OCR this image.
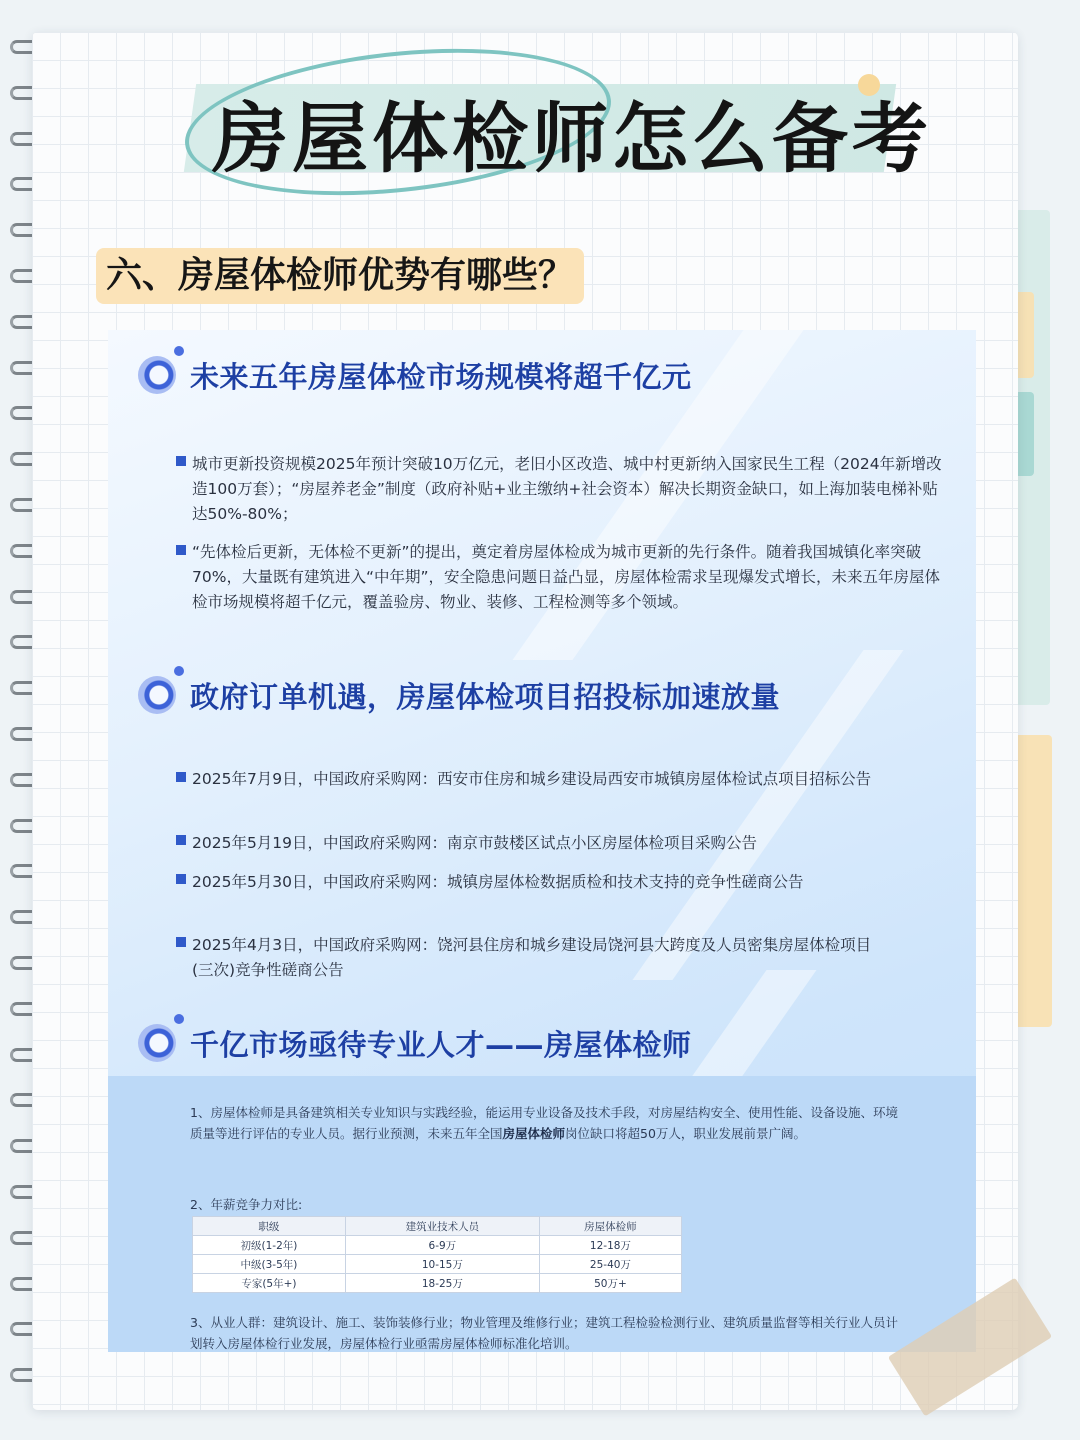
房屋体检师怎么备考
六、房屋体检师优势有哪些？
未来五年房屋体检市场规模将超千亿元

城市更新投资规模2025年预计突破10万亿元，老旧小区改造、城中村更新纳入国家民生工程（2024年新增改造100万套）；“房屋养老金”制度（政府补贴+业主缴纳+社会资本）解决长期资金缺口，如上海加装电梯补贴达50%-80%；

“先体检后更新，无体检不更新”的提出，奠定着房屋体检成为城市更新的先行条件。随着我国城镇化率突破70%，大量既有建筑进入“中年期”，安全隐患问题日益凸显，房屋体检需求呈现爆发式增长，未来五年房屋体检市场规模将超千亿元，覆盖验房、物业、装修、工程检测等多个领域。

政府订单机遇，房屋体检项目招投标加速放量

2025年7月9日，中国政府采购网：西安市住房和城乡建设局西安市城镇房屋体检试点项目招标公告

2025年5月19日，中国政府采购网：南京市鼓楼区试点小区房屋体检项目采购公告

2025年5月30日，中国政府采购网：城镇房屋体检数据质检和技术支持的竞争性磋商公告

2025年4月3日，中国政府采购网：饶河县住房和城乡建设局饶河县大跨度及人员密集房屋体检项目(三次)竞争性磋商公告

千亿市场亟待专业人才——房屋体检师

1、房屋体检师是具备建筑相关专业知识与实践经验，能运用专业设备及技术手段，对房屋结构安全、使用性能、设备设施、环境质量等进行评估的专业人员。据行业预测，未来五年全国房屋体检师岗位缺口将超50万人，职业发展前景广阔。

2、年薪竞争力对比:

职级	建筑业技术人员	房屋体检师
初级(1-2年)	6-9万	12-18万
中级(3-5年)	10-15万	25-40万
专家(5年+)	18-25万	50万+

3、从业人群：建筑设计、施工、装饰装修行业；物业管理及维修行业；建筑工程检验检测行业、建筑质量监督等相关行业人员计划转入房屋体检行业发展，房屋体检行业亟需房屋体检师标准化培训。
